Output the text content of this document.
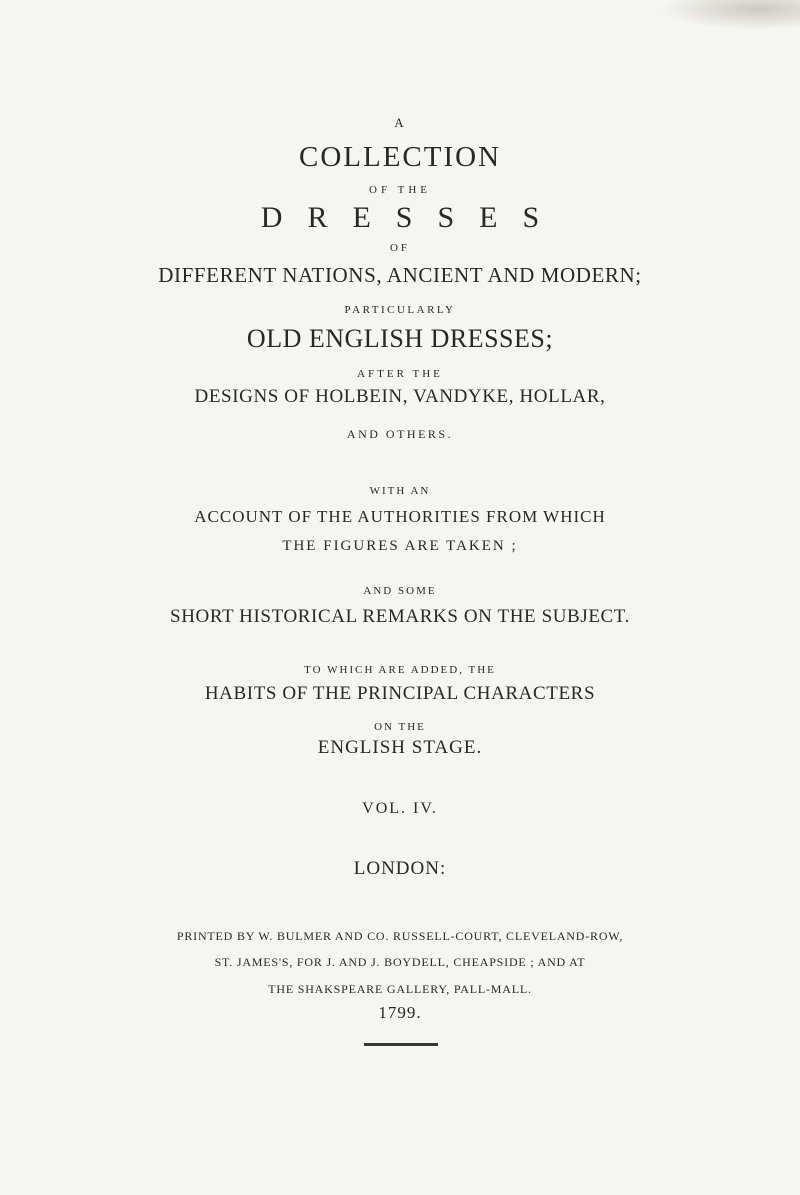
A
COLLECTION
OF THE
DRESSES
OF
DIFFERENT NATIONS, ANCIENT AND MODERN;
PARTICULARLY
OLD ENGLISH DRESSES;
AFTER THE
DESIGNS OF HOLBEIN, VANDYKE, HOLLAR,
AND OTHERS.
WITH AN
ACCOUNT OF THE AUTHORITIES FROM WHICH
THE FIGURES ARE TAKEN ;
AND SOME
SHORT HISTORICAL REMARKS ON THE SUBJECT.
TO WHICH ARE ADDED, THE
HABITS OF THE PRINCIPAL CHARACTERS
ON THE
ENGLISH STAGE.
VOL. IV.
LONDON:
PRINTED BY W. BULMER AND CO. RUSSELL-COURT, CLEVELAND-ROW,
ST. JAMES'S, FOR J. AND J. BOYDELL, CHEAPSIDE ; AND AT
THE SHAKSPEARE GALLERY, PALL-MALL.
1799.
